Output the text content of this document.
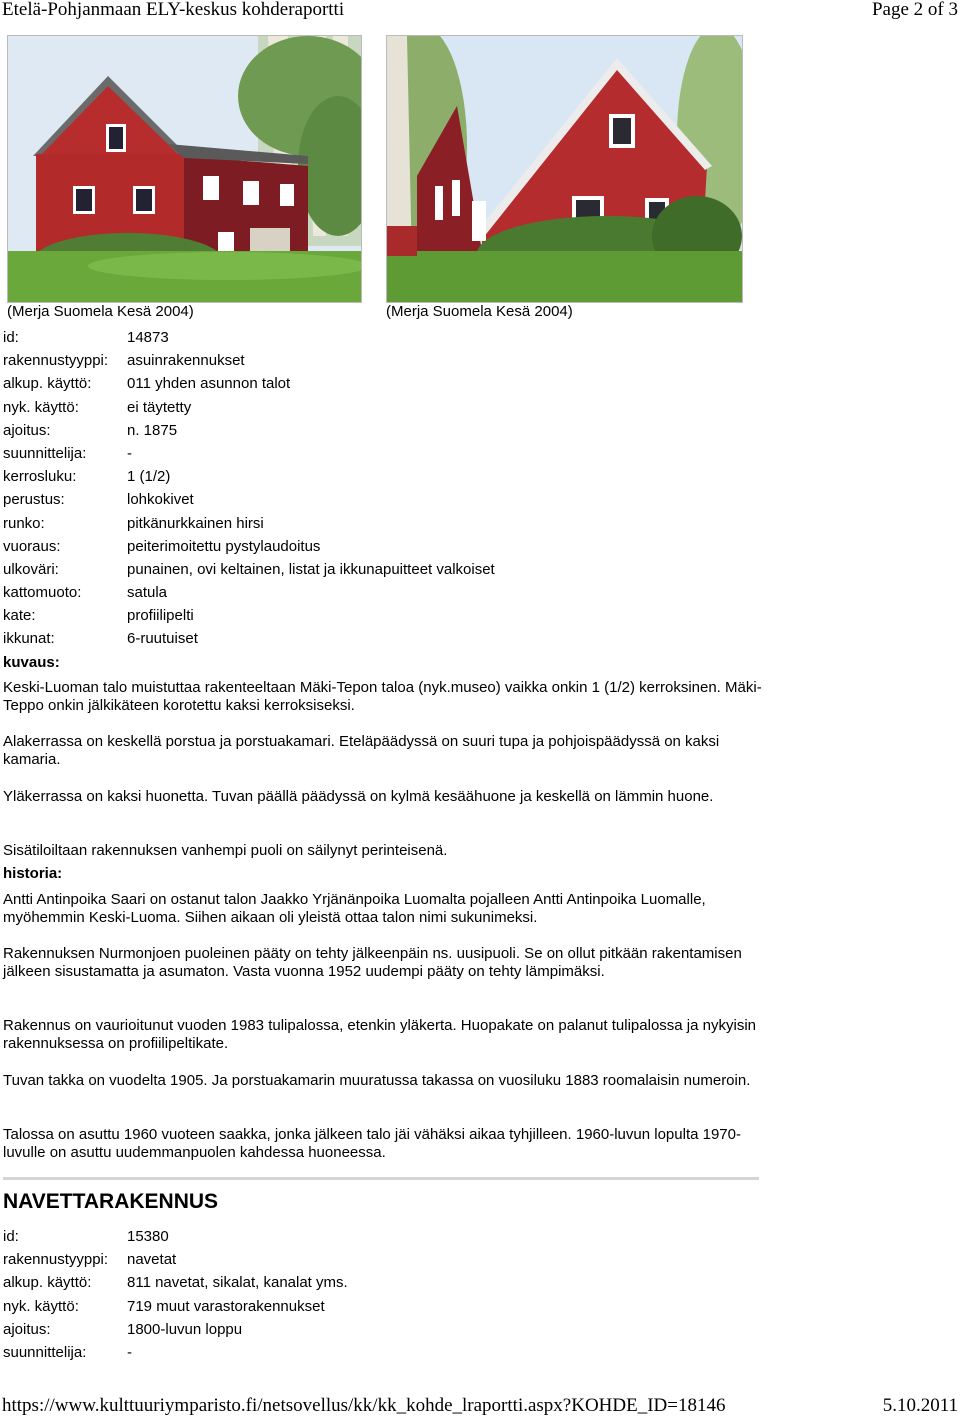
Etelä-Pohjanmaan ELY-keskus kohderaportti	Page 2 of 3
(Merja Suomela Kesä 2004)	(Merja Suomela Kesä 2004)
id:	14873
rakennustyyppi: asuinrakennukset
alkup. käyttö: 011 yhden asunnon talot
nyk. käyttö:	ei täytetty
ajoitus:	n. 1875
suunnittelija:	-
kerrosluku:	1 (1/2)
perustus:	lohkokivet
runko:	pitkänurkkainen hirsi
vuoraus:	peiterimoitettu pystylaudoitus
ulkoväri:	punainen, ovi keltainen, listat ja ikkunapuitteet valkoiset
kattomuoto:	satula
kate:	profiilipelti
ikkunat:	6-ruutuiset
kuvaus:
Keski-Luoman talo muistuttaa rakenteeltaan Mäki-Tepon taloa (nyk.museo) vaikka onkin 1 (1/2) kerroksinen. Mäki-Teppo onkin jälkikäteen korotettu kaksi kerroksiseksi.
Alakerrassa on keskellä porstua ja porstuakamari. Eteläpäädyssä on suuri tupa ja pohjoispäädyssä on kaksi kamaria.
Yläkerrassa on kaksi huonetta. Tuvan päällä päädyssä on kylmä kesäähuone ja keskellä on lämmin huone.
Sisätiloiltaan rakennuksen vanhempi puoli on säilynyt perinteisenä.
historia:
Antti Antinpoika Saari on ostanut talon Jaakko Yrjänänpoika Luomalta pojalleen Antti Antinpoika Luomalle, myöhemmin Keski-Luoma. Siihen aikaan oli yleistä ottaa talon nimi sukunimeksi.
Rakennuksen Nurmonjoen puoleinen pääty on tehty jälkeenpäin ns. uusipuoli. Se on ollut pitkään rakentamisen jälkeen sisustamatta ja asumaton. Vasta vuonna 1952 uudempi pääty on tehty lämpimäksi.
Rakennus on vaurioitunut vuoden 1983 tulipalossa, etenkin yläkerta. Huopakate on palanut tulipalossa ja nykyisin rakennuksessa on profiilipeltikate.
Tuvan takka on vuodelta 1905. Ja porstuakamarin muuratussa takassa on vuosiluku 1883 roomalaisin numeroin.
Talossa on asuttu 1960 vuoteen saakka, jonka jälkeen talo jäi vähäksi aikaa tyhjilleen. 1960-luvun lopulta 1970-luvulle on asuttu uudemmanpuolen kahdessa huoneessa.
NAVETTARAKENNUS
id:	15380
rakennustyyppi: navetat
alkup. käyttö: 811 navetat, sikalat, kanalat yms.
nyk. käyttö:	719 muut varastorakennukset
ajoitus:	1800-luvun loppu
suunnittelija:	-
https://www.kulttuuriymparisto.fi/netsovellus/kk/kk_kohde_lraportti.aspx?KOHDE_ID=18146	5.10.2011
